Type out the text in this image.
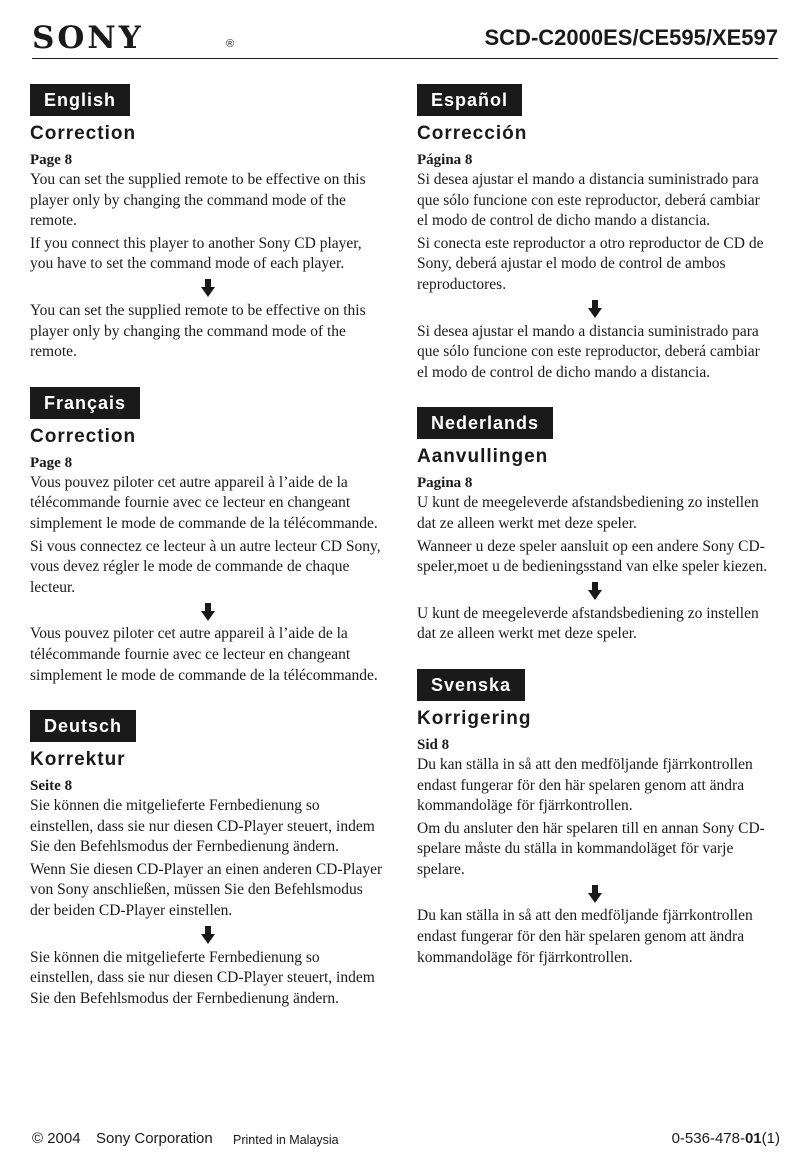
SONY	®	SCD-C2000ES/CE595/XE597
English
Correction
Page 8

You can set the supplied remote to be effective on this player only by changing the command mode of the remote.

If you connect this player to another Sony CD player, you have to set the command mode of each player.

You can set the supplied remote to be effective on this player only by changing the command mode of the remote.

Français
Correction
Page 8

Vous pouvez piloter cet autre appareil à l’aide de la télécommande fournie avec ce lecteur en changeant simplement le mode de commande de la télécommande.

Si vous connectez ce lecteur à un autre lecteur CD Sony, vous devez régler le mode de commande de chaque lecteur.

Vous pouvez piloter cet autre appareil à l’aide de la télécommande fournie avec ce lecteur en changeant simplement le mode de commande de la télécommande.

Deutsch
Korrektur
Seite 8

Sie können die mitgelieferte Fernbedienung so einstellen, dass sie nur diesen CD-Player steuert, indem Sie den Befehlsmodus der Fernbedienung ändern.

Wenn Sie diesen CD-Player an einen anderen CD-Player von Sony anschließen, müssen Sie den Befehlsmodus der beiden CD-Player einstellen.

Sie können die mitgelieferte Fernbedienung so einstellen, dass sie nur diesen CD-Player steuert, indem Sie den Befehlsmodus der Fernbedienung ändern.

Español
Corrección
Página 8

Si desea ajustar el mando a distancia suministrado para que sólo funcione con este reproductor, deberá cambiar el modo de control de dicho mando a distancia.

Si conecta este reproductor a otro reproductor de CD de Sony, deberá ajustar el modo de control de ambos reproductores.

Si desea ajustar el mando a distancia suministrado para que sólo funcione con este reproductor, deberá cambiar el modo de control de dicho mando a distancia.

Nederlands
Aanvullingen
Pagina 8

U kunt de meegeleverde afstandsbediening zo instellen dat ze alleen werkt met deze speler.

Wanneer u deze speler aansluit op een andere Sony CD-speler,moet u de bedieningsstand van elke speler kiezen.

U kunt de meegeleverde afstandsbediening zo instellen dat ze alleen werkt met deze speler.

Svenska
Korrigering
Sid 8

Du kan ställa in så att den medföljande fjärrkontrollen endast fungerar för den här spelaren genom att ändra kommandoläge för fjärrkontrollen.

Om du ansluter den här spelaren till en annan Sony CD-spelare måste du ställa in kommandoläget för varje spelare.

Du kan ställa in så att den medföljande fjärrkontrollen endast fungerar för den här spelaren genom att ändra kommandoläge för fjärrkontrollen.

© 2004 Sony Corporation Printed in Malaysia	0-536-478-01(1)
